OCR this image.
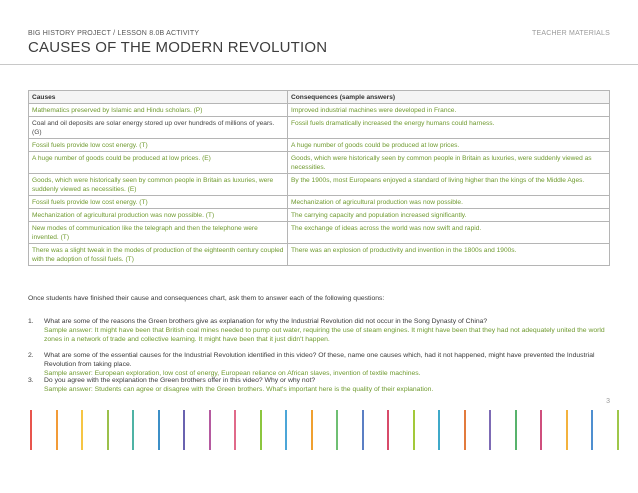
BIG HISTORY PROJECT / LESSON 8.0B ACTIVITY	TEACHER MATERIALS
CAUSES OF THE MODERN REVOLUTION
Causes	Consequences (sample answers)
Mathematics preserved by Islamic and Hindu scholars. (P)	Improved industrial machines were developed in France.
Coal and oil deposits are solar energy stored up over hundreds of millions of years. (G)	Fossil fuels dramatically increased the energy humans could harness.
Fossil fuels provide low cost energy. (T)	A huge number of goods could be produced at low prices.
A huge number of goods could be produced at low prices. (E)	Goods, which were historically seen by common people in Britain as luxuries, were suddenly viewed as necessities.
Goods, which were historically seen by common people in Britain as luxuries, were suddenly viewed as necessities. (E)	By the 1900s, most Europeans enjoyed a standard of living higher than the kings of the Middle Ages.
Fossil fuels provide low cost energy. (T)	Mechanization of agricultural production was now possible.
Mechanization of agricultural production was now possible. (T)	The carrying capacity and population increased significantly.
New modes of communication like the telegraph and then the telephone were invented. (T)	The exchange of ideas across the world was now swift and rapid.
There was a slight tweak in the modes of production of the eighteenth century coupled with the adoption of fossil fuels. (T)	There was an explosion of productivity and invention in the 1800s and 1900s.
Once students have finished their cause and consequences chart, ask them to answer each of the following questions:
1. What are some of the reasons the Green brothers give as explanation for why the Industrial Revolution did not occur in the Song Dynasty of China?
Sample answer: It might have been that British coal mines needed to pump out water, requiring the use of steam engines. It might have been that they had not adequately united the world zones in a network of trade and collective learning. It might have been that it just didn't happen.
2. What are some of the essential causes for the Industrial Revolution identified in this video? Of these, name one causes which, had it not happened, might have prevented the Industrial Revolution from taking place.
Sample answer: European exploration, low cost of energy, European reliance on African slaves, invention of textile machines.
3. Do you agree with the explanation the Green brothers offer in this video? Why or why not?
Sample answer: Students can agree or disagree with the Green brothers. What's important here is the quality of their explanation.
3
